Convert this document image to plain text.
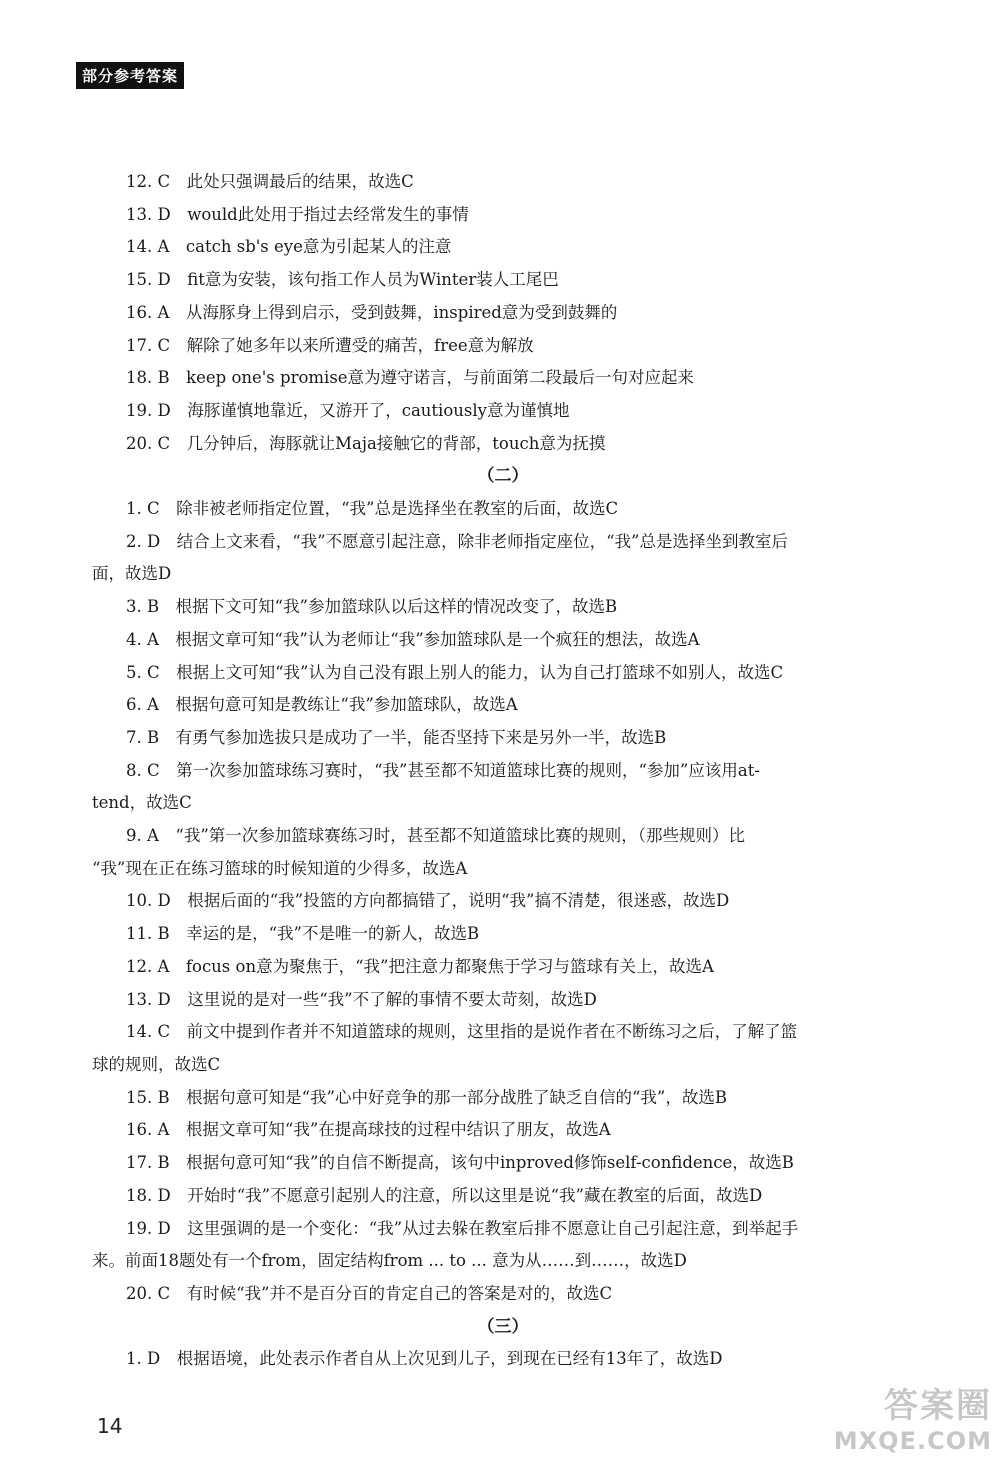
部分参考答案
12. C　此处只强调最后的结果，故选C
13. D　would此处用于指过去经常发生的事情
14. A　catch sb's eye意为引起某人的注意
15. D　fit意为安装，该句指工作人员为Winter装人工尾巴
16. A　从海豚身上得到启示，受到鼓舞，inspired意为受到鼓舞的
17. C　解除了她多年以来所遭受的痛苦，free意为解放
18. B　keep one's promise意为遵守诺言，与前面第二段最后一句对应起来
19. D　海豚谨慎地靠近，又游开了，cautiously意为谨慎地
20. C　几分钟后，海豚就让Maja接触它的背部，touch意为抚摸
（二）
1. C　除非被老师指定位置，“我”总是选择坐在教室的后面，故选C
2. D　结合上文来看，“我”不愿意引起注意，除非老师指定座位，“我”总是选择坐到教室后
面，故选D
3. B　根据下文可知“我”参加篮球队以后这样的情况改变了，故选B
4. A　根据文章可知“我”认为老师让“我”参加篮球队是一个疯狂的想法，故选A
5. C　根据上文可知“我”认为自己没有跟上别人的能力，认为自己打篮球不如别人，故选C
6. A　根据句意可知是教练让“我”参加篮球队，故选A
7. B　有勇气参加选拔只是成功了一半，能否坚持下来是另外一半，故选B
8. C　第一次参加篮球练习赛时，“我”甚至都不知道篮球比赛的规则，“参加”应该用at-
tend，故选C
9. A　“我”第一次参加篮球赛练习时，甚至都不知道篮球比赛的规则，（那些规则）比
“我”现在正在练习篮球的时候知道的少得多，故选A
10. D　根据后面的“我”投篮的方向都搞错了，说明“我”搞不清楚，很迷惑，故选D
11. B　幸运的是，“我”不是唯一的新人，故选B
12. A　focus on意为聚焦于，“我”把注意力都聚焦于学习与篮球有关上，故选A
13. D　这里说的是对一些“我”不了解的事情不要太苛刻，故选D
14. C　前文中提到作者并不知道篮球的规则，这里指的是说作者在不断练习之后，了解了篮
球的规则，故选C
15. B　根据句意可知是“我”心中好竞争的那一部分战胜了缺乏自信的“我”，故选B
16. A　根据文章可知“我”在提高球技的过程中结识了朋友，故选A
17. B　根据句意可知“我”的自信不断提高，该句中inproved修饰self-confidence，故选B
18. D　开始时“我”不愿意引起别人的注意，所以这里是说“我”藏在教室的后面，故选D
19. D　这里强调的是一个变化：“我”从过去躲在教室后排不愿意让自己引起注意，到举起手
来。前面18题处有一个from，固定结构from ... to ... 意为从……到……，故选D
20. C　有时候“我”并不是百分百的肯定自己的答案是对的，故选C
（三）
1. D　根据语境，此处表示作者自从上次见到儿子，到现在已经有13年了，故选D
14	答案圈
MXQE.COM
